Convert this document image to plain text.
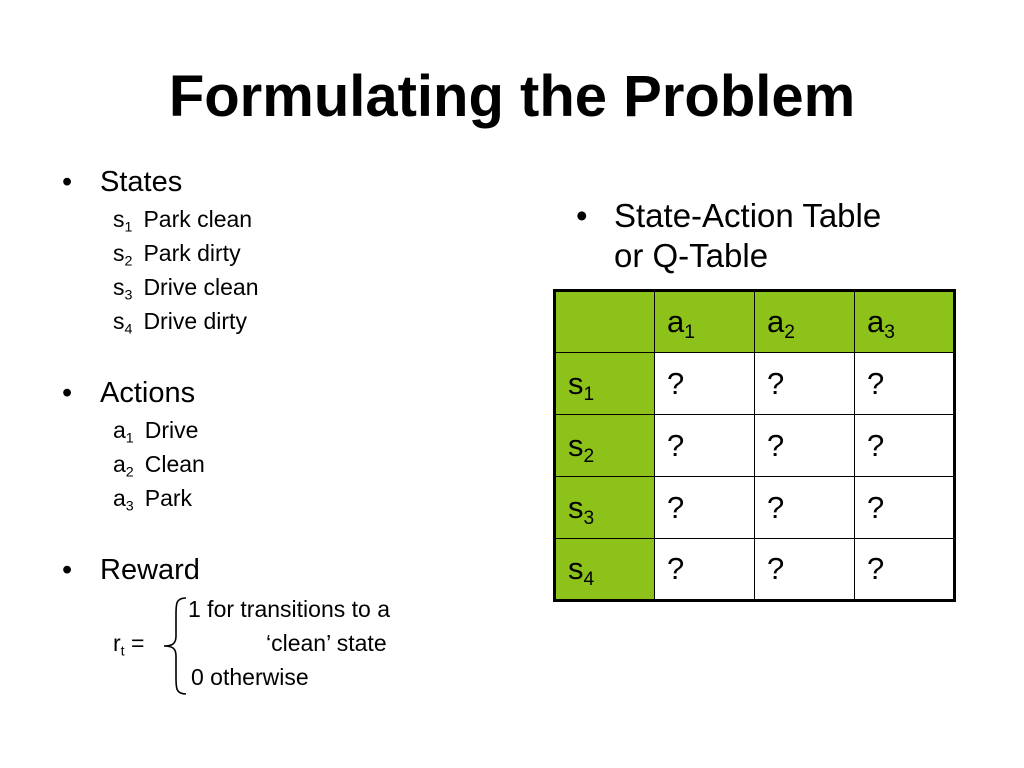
Formulating the Problem
• States
$s_1$ Park clean
$s_2$ Park dirty
$s_3$ Drive clean
$s_4$ Drive dirty
• Actions
$a_1$ Drive
$a_2$ Clean
$a_3$ Park
• Reward
1 for transitions to a
$r_t$ =	‘clean’ state
0 otherwise
• State-Action Table
or Q-Table
	$a_1$	$a_2$	$a_3$
$s_1$	?	?	?
$s_2$	?	?	?
$s_3$	?	?	?
$s_4$	?	?	?
